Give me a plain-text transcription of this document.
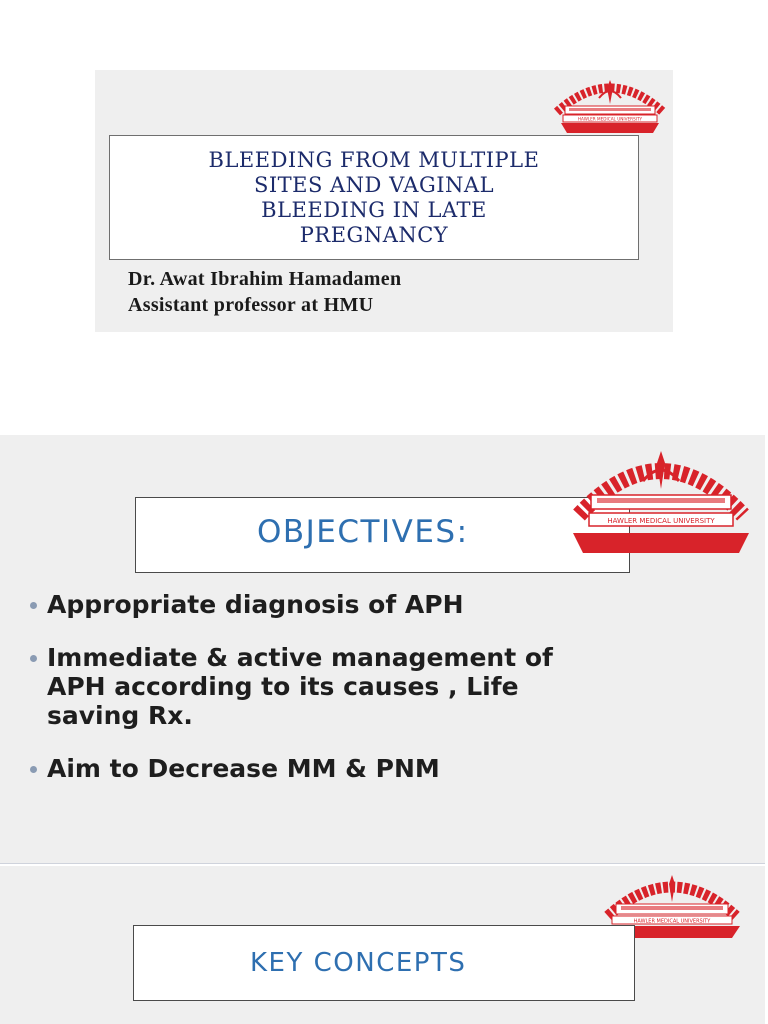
HAWLER MEDICAL UNIVERSITY
BLEEDING FROM MULTIPLE
SITES AND VAGINAL
BLEEDING IN LATE
PREGNANCY
Dr. Awat Ibrahim Hamadamen
Assistant professor at HMU
OBJECTIVES:	HAWLER MEDICAL UNIVERSITY
Appropriate diagnosis of APH
Immediate & active management of
APH according to its causes , Life
saving Rx.
Aim to Decrease MM & PNM
HAWLER MEDICAL UNIVERSITY
KEY CONCEPTS
